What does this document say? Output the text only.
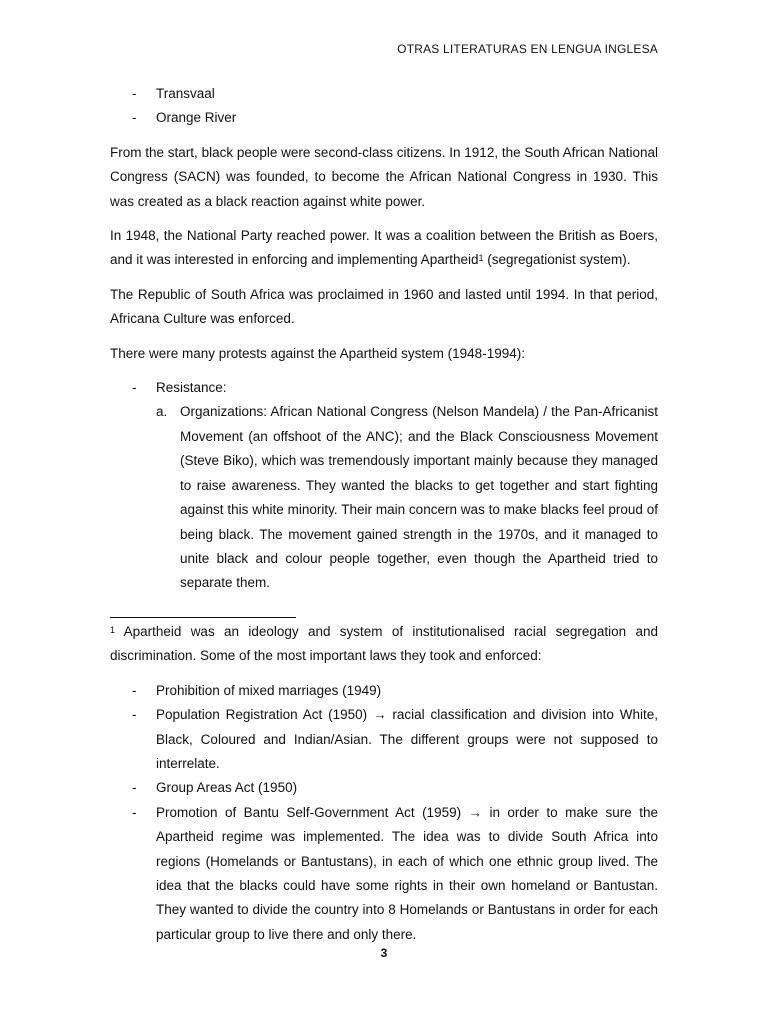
OTRAS LITERATURAS EN LENGUA INGLESA
- Transvaal
- Orange River

From the start, black people were second-class citizens. In 1912, the South African National Congress (SACN) was founded, to become the African National Congress in 1930. This was created as a black reaction against white power.

In 1948, the National Party reached power. It was a coalition between the British as Boers, and it was interested in enforcing and implementing Apartheid$^1$ (segregationist system).

The Republic of South Africa was proclaimed in 1960 and lasted until 1994. In that period, Africana Culture was enforced.

There were many protests against the Apartheid system (1948-1994):

- Resistance:
a. Organizations: African National Congress (Nelson Mandela) / the Pan-Africanist Movement (an offshoot of the ANC); and the Black Consciousness Movement (Steve Biko), which was tremendously important mainly because they managed to raise awareness. They wanted the blacks to get together and start fighting against this white minority. Their main concern was to make blacks feel proud of being black. The movement gained strength in the 1970s, and it managed to unite black and colour people together, even though the Apartheid tried to separate them.

$^1$ Apartheid was an ideology and system of institutionalised racial segregation and discrimination. Some of the most important laws they took and enforced:

- Prohibition of mixed marriages (1949)
- Population Registration Act (1950) → racial classification and division into White, Black, Coloured and Indian/Asian. The different groups were not supposed to interrelate.
- Group Areas Act (1950)
- Promotion of Bantu Self-Government Act (1959) → in order to make sure the Apartheid regime was implemented. The idea was to divide South Africa into regions (Homelands or Bantustans), in each of which one ethnic group lived. The idea that the blacks could have some rights in their own homeland or Bantustan. They wanted to divide the country into 8 Homelands or Bantustans in order for each particular group to live there and only there.
3
